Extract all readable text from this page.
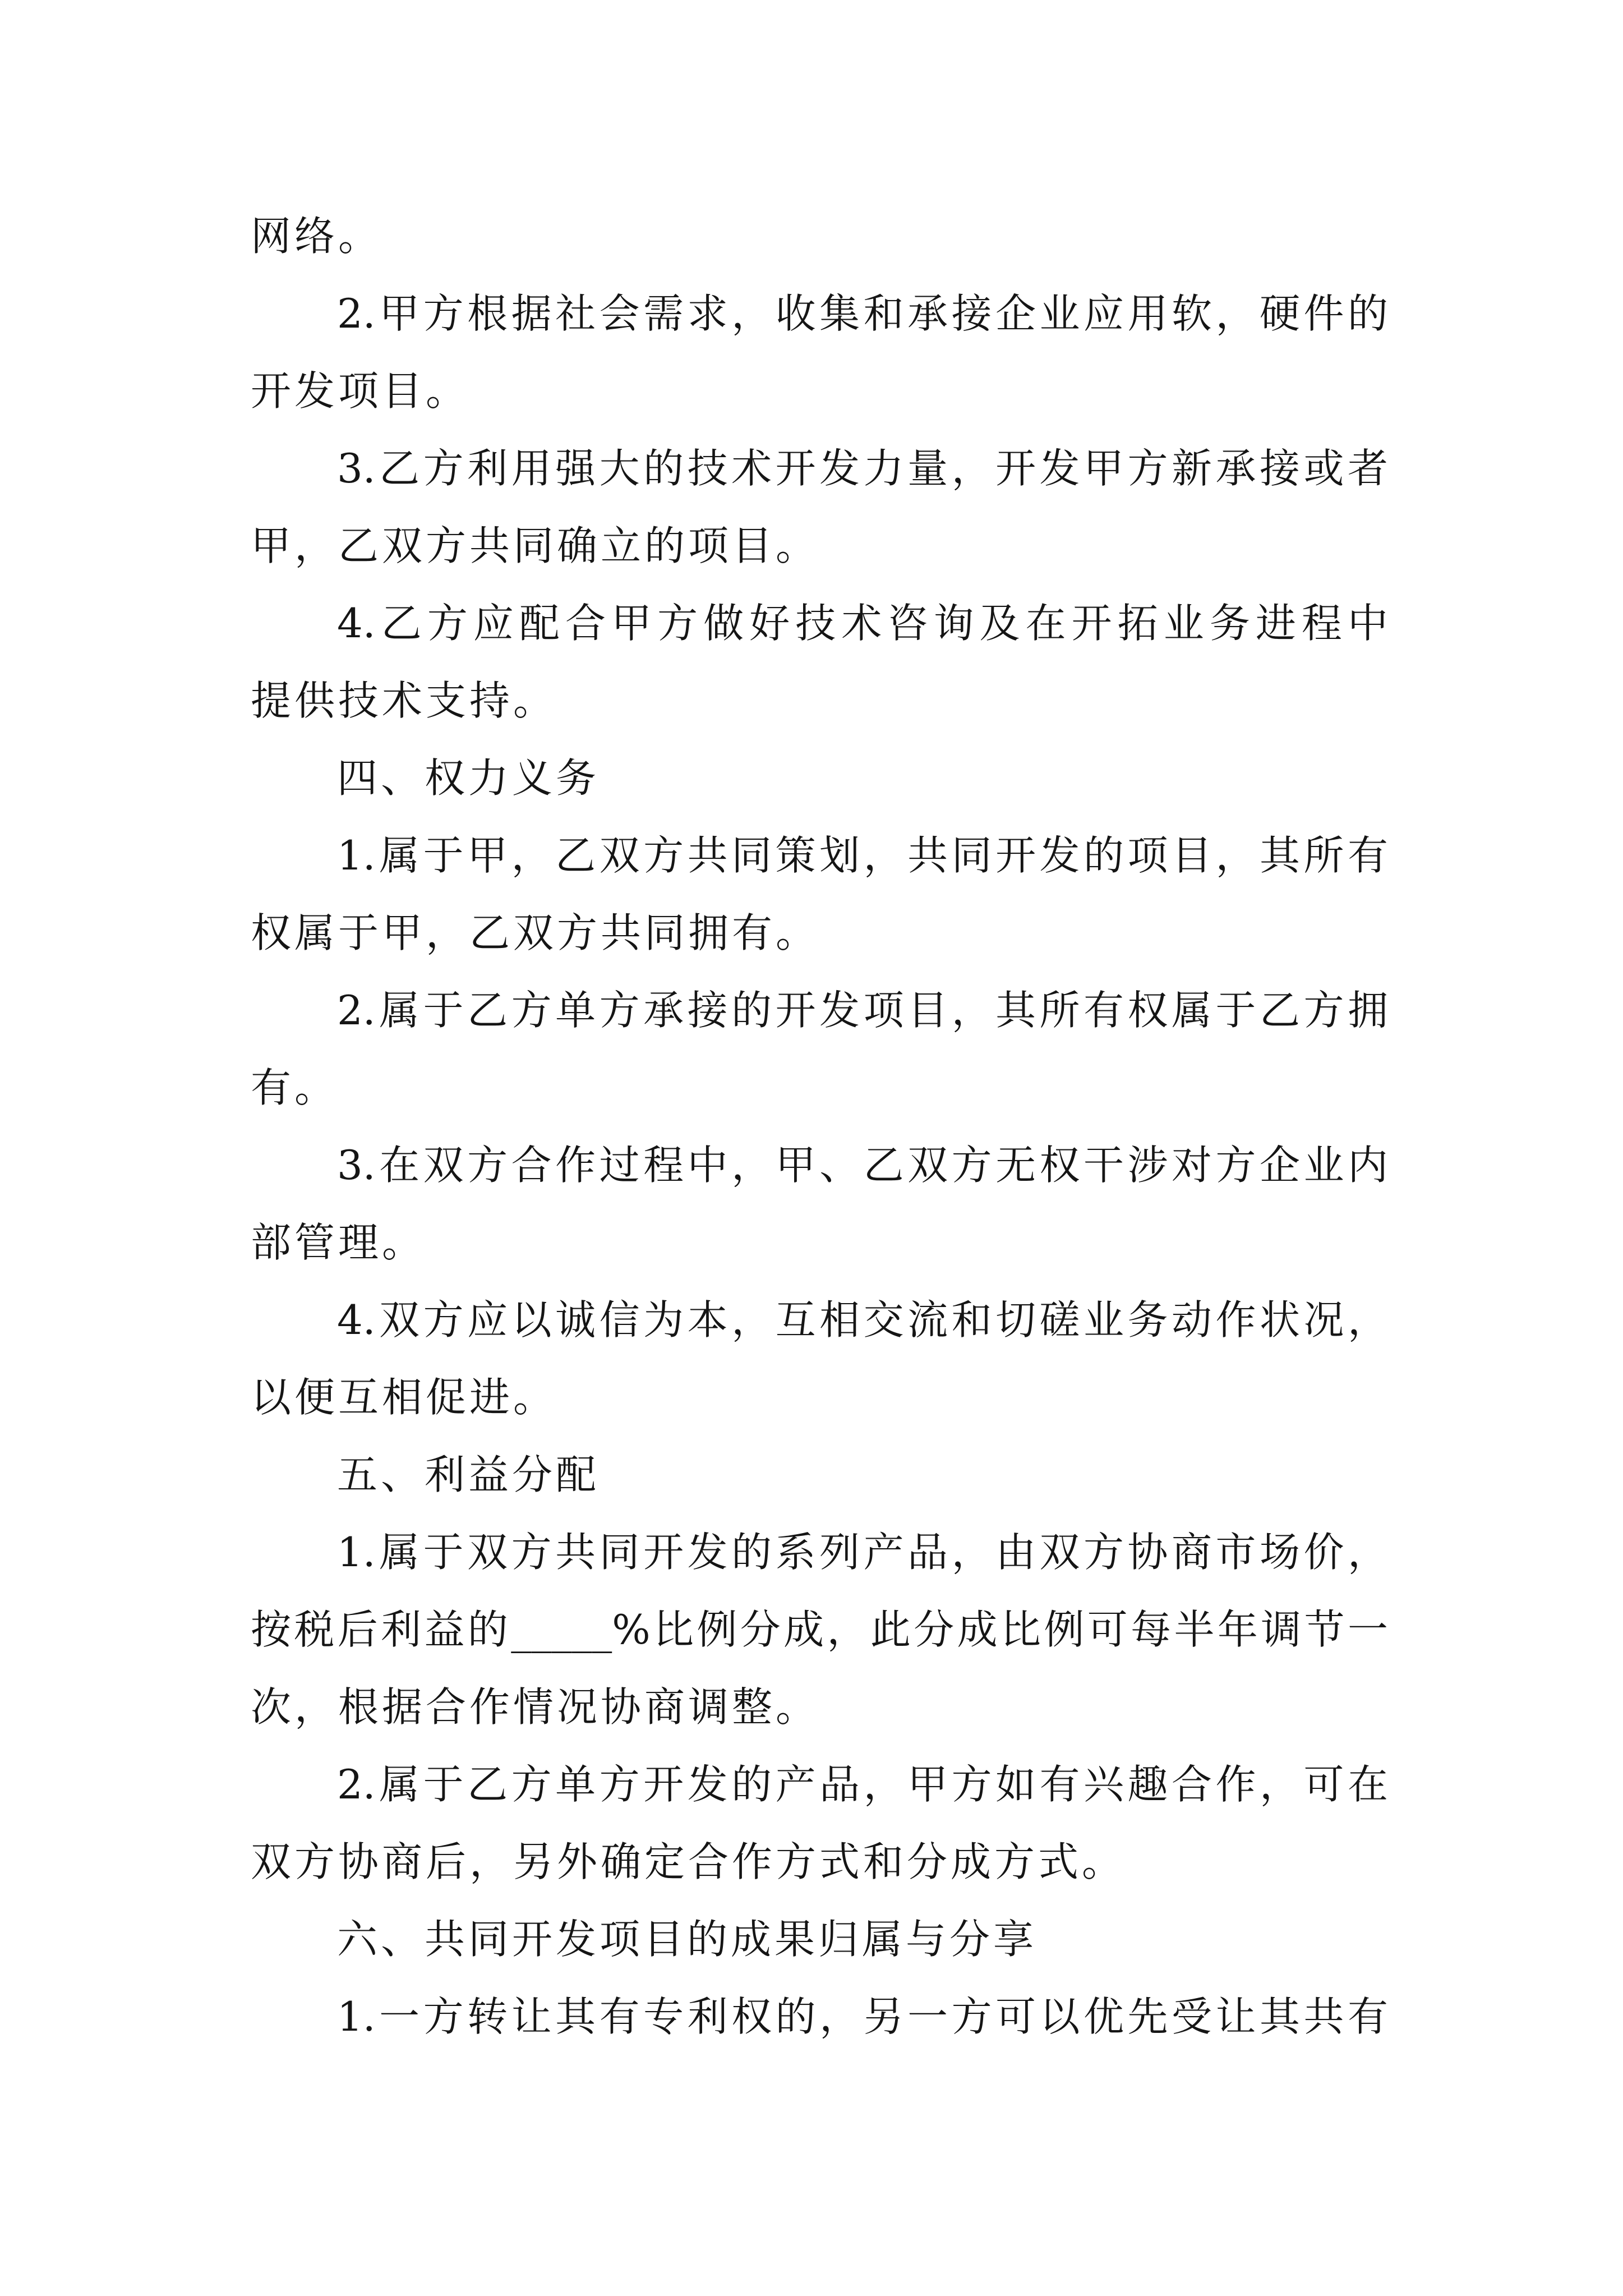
网络。
2.甲方根据社会需求，收集和承接企业应用软，硬件的
开发项目。
3.乙方利用强大的技术开发力量，开发甲方新承接或者
甲，乙双方共同确立的项目。
4.乙方应配合甲方做好技术咨询及在开拓业务进程中
提供技术支持。
四、权力义务
1.属于甲，乙双方共同策划，共同开发的项目，其所有
权属于甲，乙双方共同拥有。
2.属于乙方单方承接的开发项目，其所有权属于乙方拥
有。
3.在双方合作过程中，甲、乙双方无权干涉对方企业内
部管理。
4.双方应以诚信为本，互相交流和切磋业务动作状况，
以便互相促进。
五、利益分配
1.属于双方共同开发的系列产品，由双方协商市场价，
按税后利益的_____%比例分成，此分成比例可每半年调节一
次，根据合作情况协商调整。
2.属于乙方单方开发的产品，甲方如有兴趣合作，可在
双方协商后，另外确定合作方式和分成方式。
六、共同开发项目的成果归属与分享
1.一方转让其有专利权的，另一方可以优先受让其共有
